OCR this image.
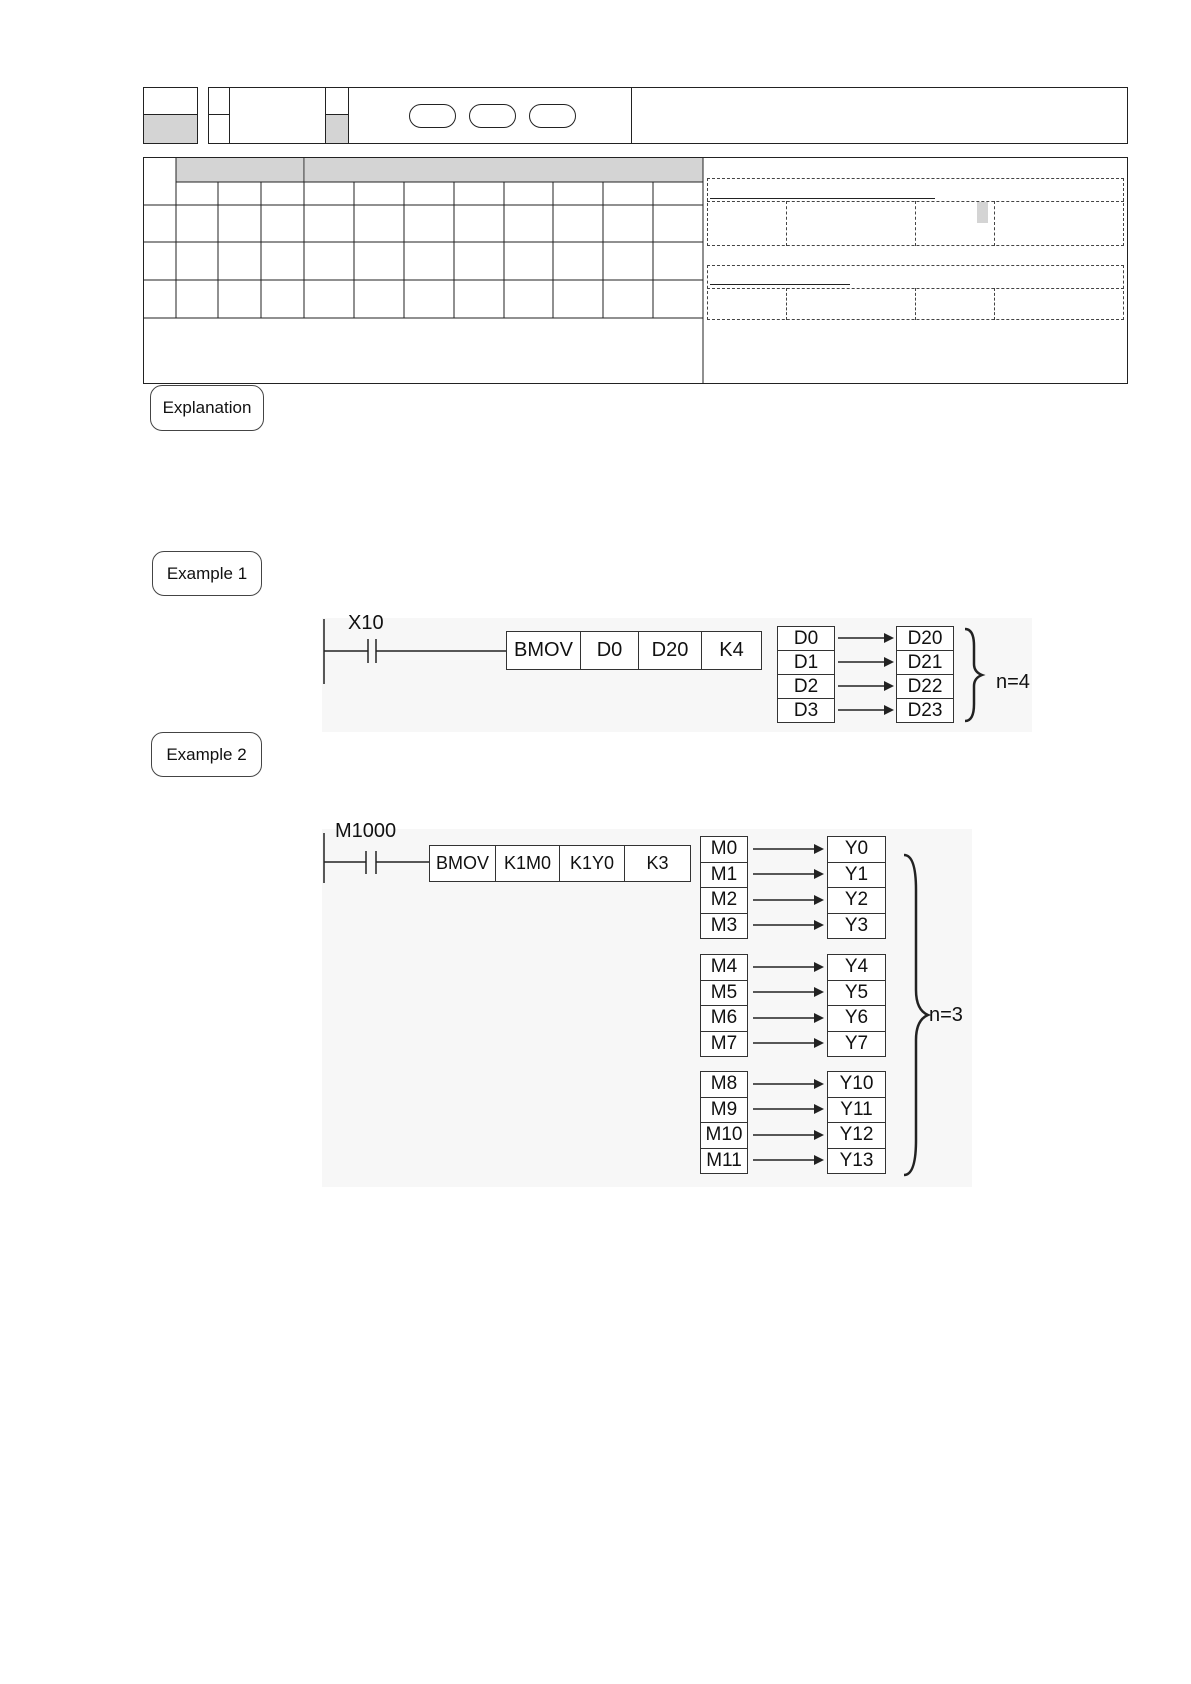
Explanation
Example 1
Example 2
X10
BMOV	D0	D20	K4
D0	D20
D1	D21
D2	D22
D3	D23
n=4
M1000
BMOV K1M0	K1Y0	K3
M0	Y0
M1	Y1
M2	Y2
M3	Y3
M4	Y4
M5	Y5
M6	Y6
M7	Y7
M8	Y10
M9	Y11
M10	Y12
M11	Y13
n=3
